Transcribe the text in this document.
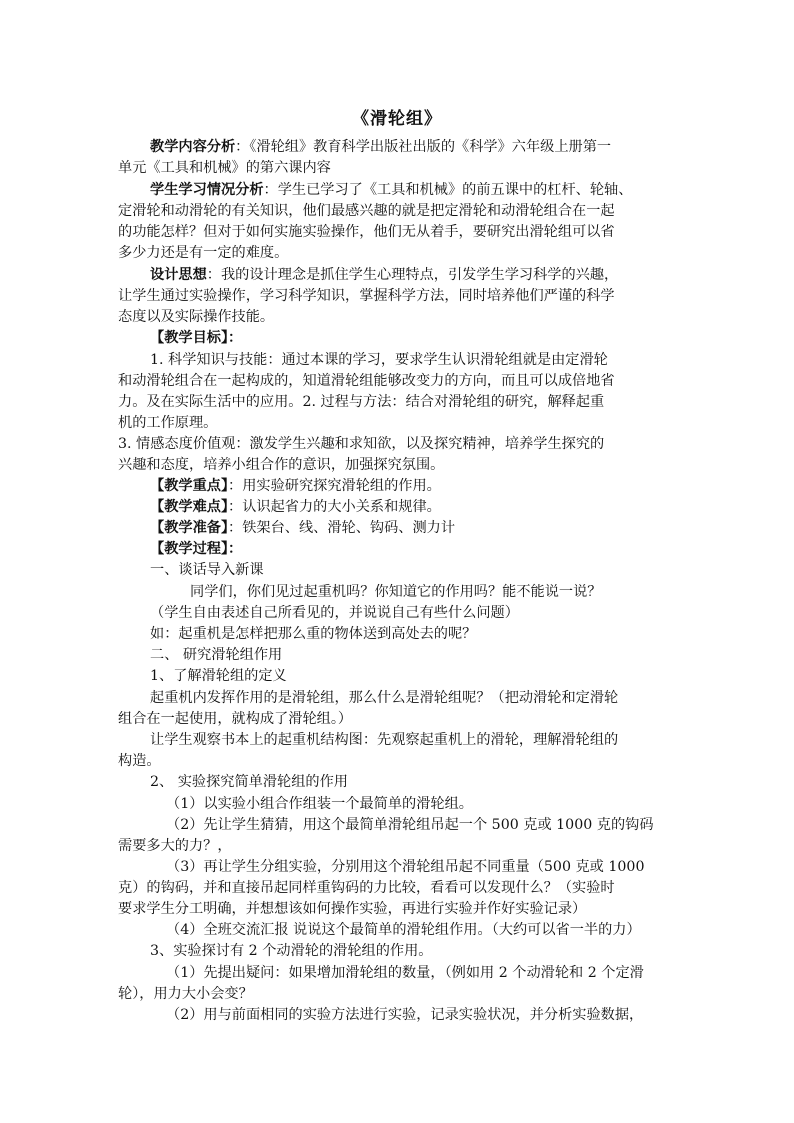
《滑轮组》
教学内容分析：《滑轮组》教育科学出版社出版的《科学》六年级上册第一
单元《工具和机械》的第六课内容
学生学习情况分析：学生已学习了《工具和机械》的前五课中的杠杆、轮轴、
定滑轮和动滑轮的有关知识，他们最感兴趣的就是把定滑轮和动滑轮组合在一起
的功能怎样？但对于如何实施实验操作，他们无从着手，要研究出滑轮组可以省
多少力还是有一定的难度。
设计思想：我的设计理念是抓住学生心理特点，引发学生学习科学的兴趣，
让学生通过实验操作，学习科学知识，掌握科学方法，同时培养他们严谨的科学
态度以及实际操作技能。
【教学目标】：
1. 科学知识与技能：通过本课的学习，要求学生认识滑轮组就是由定滑轮
和动滑轮组合在一起构成的，知道滑轮组能够改变力的方向，而且可以成倍地省
力。及在实际生活中的应用。2. 过程与方法：结合对滑轮组的研究，解释起重
机的工作原理。
3. 情感态度价值观：激发学生兴趣和求知欲，以及探究精神，培养学生探究的
兴趣和态度，培养小组合作的意识，加强探究氛围。
【教学重点】：用实验研究探究滑轮组的作用。
【教学难点】：认识起省力的大小关系和规律。
【教学准备】：铁架台、线、滑轮、钩码、测力计
【教学过程】：
一、谈话导入新课
同学们，你们见过起重机吗？你知道它的作用吗？能不能说一说？
（学生自由表述自己所看见的，并说说自己有些什么问题）
如：起重机是怎样把那么重的物体送到高处去的呢？
二、 研究滑轮组作用
1、了解滑轮组的定义
起重机内发挥作用的是滑轮组，那么什么是滑轮组呢？（把动滑轮和定滑轮
组合在一起使用，就构成了滑轮组。）
让学生观察书本上的起重机结构图：先观察起重机上的滑轮，理解滑轮组的
构造。
2、 实验探究简单滑轮组的作用
（1）以实验小组合作组装一个最简单的滑轮组。
（2）先让学生猜猜，用这个最简单滑轮组吊起一个 500 克或 1000 克的钩码
需要多大的力？，
（3）再让学生分组实验，分别用这个滑轮组吊起不同重量（500 克或 1000
克）的钩码，并和直接吊起同样重钩码的力比较，看看可以发现什么？（实验时
要求学生分工明确，并想想该如何操作实验，再进行实验并作好实验记录）
（4）全班交流汇报 说说这个最简单的滑轮组作用。（大约可以省一半的力）
3、实验探讨有 2 个动滑轮的滑轮组的作用。
（1）先提出疑问：如果增加滑轮组的数量，（例如用 2 个动滑轮和 2 个定滑
轮），用力大小会变？
（2）用与前面相同的实验方法进行实验，记录实验状况，并分析实验数据，
